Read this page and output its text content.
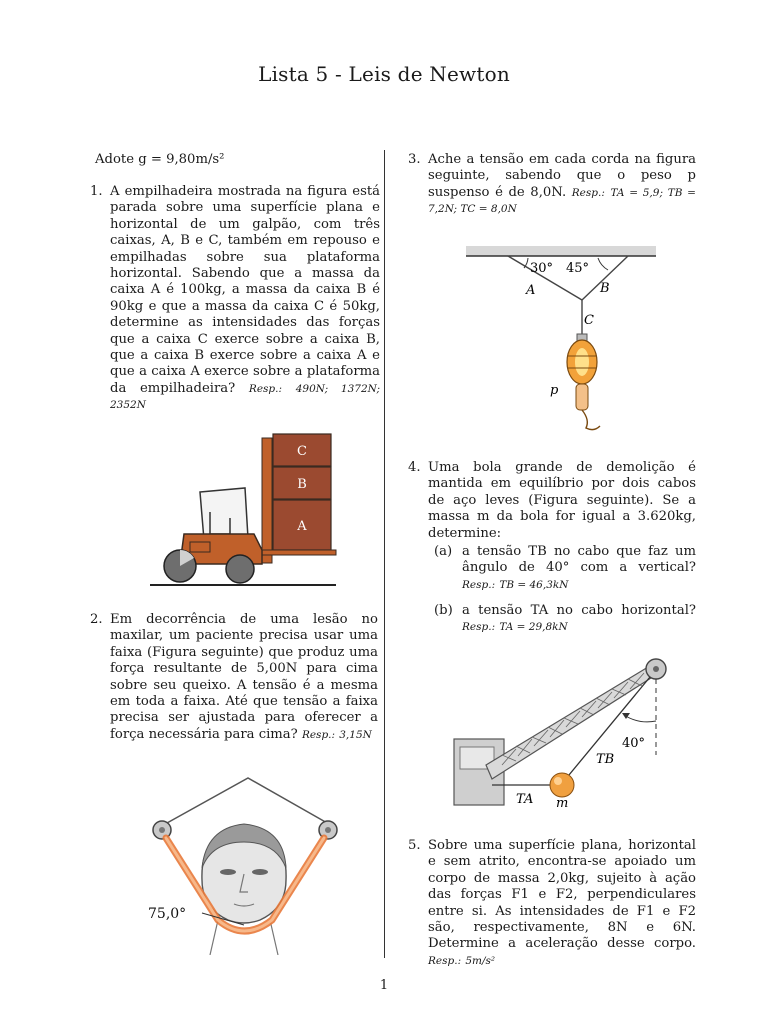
Lista 5 - Leis de Newton
Adote g = 9,80m/s²
1. A empilhadeira mostrada na figura está parada sobre uma superfície plana e horizontal de um galpão, com três caixas, A, B e C, também em repouso e empilhadas sobre sua plataforma horizontal. Sabendo que a massa da caixa A é 100kg, a massa da caixa B é 90kg e que a massa da caixa C é 50kg, determine as intensidades das forças que a caixa C exerce sobre a caixa B, que a caixa B exerce sobre a caixa A e que a caixa A exerce sobre a plataforma da empilhadeira? Resp.: 490N; 1372N; 2352N
C
B
A
2. Em decorrência de uma lesão no maxilar, um paciente precisa usar uma faixa (Figura seguinte) que produz uma força resultante de 5,00N para cima sobre seu queixo. A tensão é a mesma em toda a faixa. Até que tensão a faixa precisa ser ajustada para oferecer a força necessária para cima? Resp.: 3,15N
75,0°
3. Ache a tensão em cada corda na figura seguinte, sabendo que o peso p suspenso é de 8,0N. Resp.: TA = 5,9; TB = 7,2N; TC = 8,0N
30° 45°
A	B
C
p
4. Uma bola grande de demolição é mantida em equilíbrio por dois cabos de aço leves (Figura seguinte). Se a massa m da bola for igual a 3.620kg, determine:
(a) a tensão TB no cabo que faz um ângulo de 40° com a vertical? Resp.: TB = 46,3kN
(b) a tensão TA no cabo horizontal? Resp.: TA = 29,8kN
40°
TB
TA m
5. Sobre uma superfície plana, horizontal e sem atrito, encontra-se apoiado um corpo de massa 2,0kg, sujeito à ação das forças F1 e F2, perpendiculares entre si. As intensidades de F1 e F2 são, respectivamente, 8N e 6N. Determine a aceleração desse corpo. Resp.: 5m/s²
1
